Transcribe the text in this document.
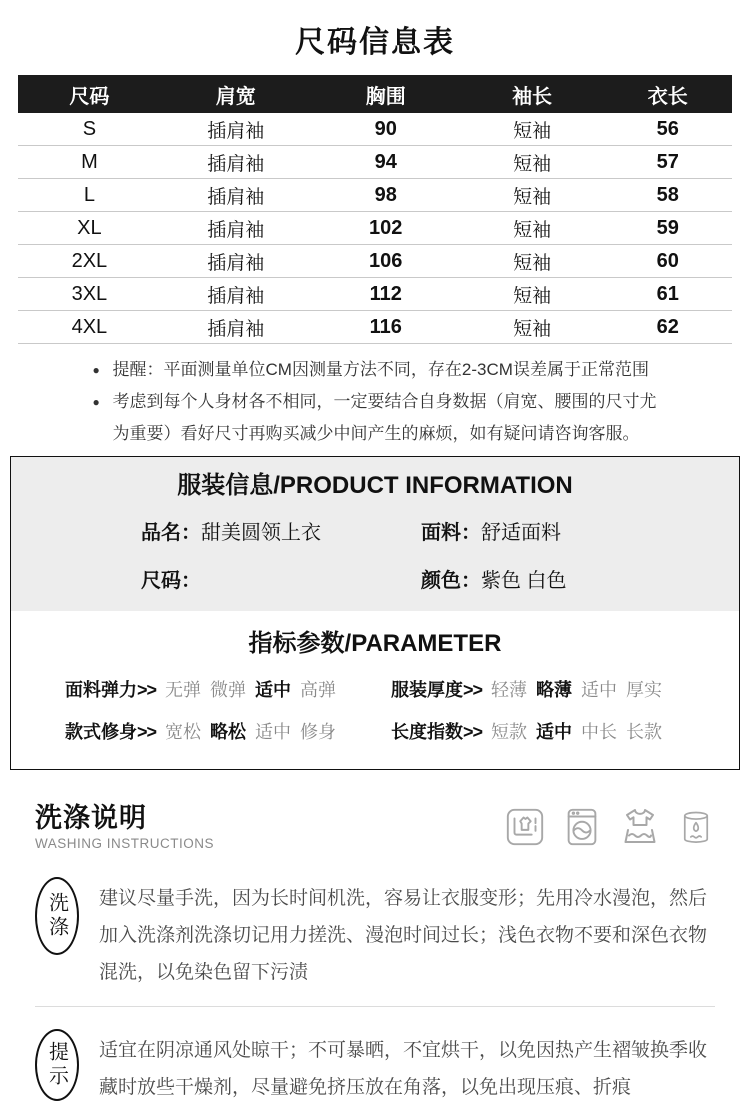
尺码信息表
尺码	肩宽	胸围	袖长	衣长
S	插肩袖	90	短袖	56
M	插肩袖	94	短袖	57
L	插肩袖	98	短袖	58
XL	插肩袖	102	短袖	59
2XL	插肩袖	106	短袖	60
3XL	插肩袖	112	短袖	61
4XL	插肩袖	116	短袖	62
● 提醒：平面测量单位CM因测量方法不同，存在2-3CM误差属于正常范围
● 考虑到每个人身材各不相同，一定要结合自身数据（肩宽、腰围的尺寸尤为重要）看好尺寸再购买减少中间产生的麻烦，如有疑问请咨询客服。
服装信息/PRODUCT INFORMATION
品名：甜美圆领上衣	面料：舒适面料
尺码：	颜色：紫色 白色
指标参数/PARAMETER
面料弹力>> 无弹 微弹 适中 高弹	服装厚度>> 轻薄 略薄 适中 厚实
款式修身>> 宽松 略松 适中 修身	长度指数>> 短款 适中 中长 长款
洗涤说明
WASHING INSTRUCTIONS
洗涤	建议尽量手洗，因为长时间机洗，容易让衣服变形；先用冷水漫泡，然后加入洗涤剂洗涤切记用力搓洗、漫泡时间过长；浅色衣物不要和深色衣物混洗，以免染色留下污渍
提示	适宜在阴凉通风处晾干；不可暴晒，不宜烘干，以免因热产生褶皱换季收藏时放些干燥剂，尽量避免挤压放在角落，以免出现压痕、折痕
